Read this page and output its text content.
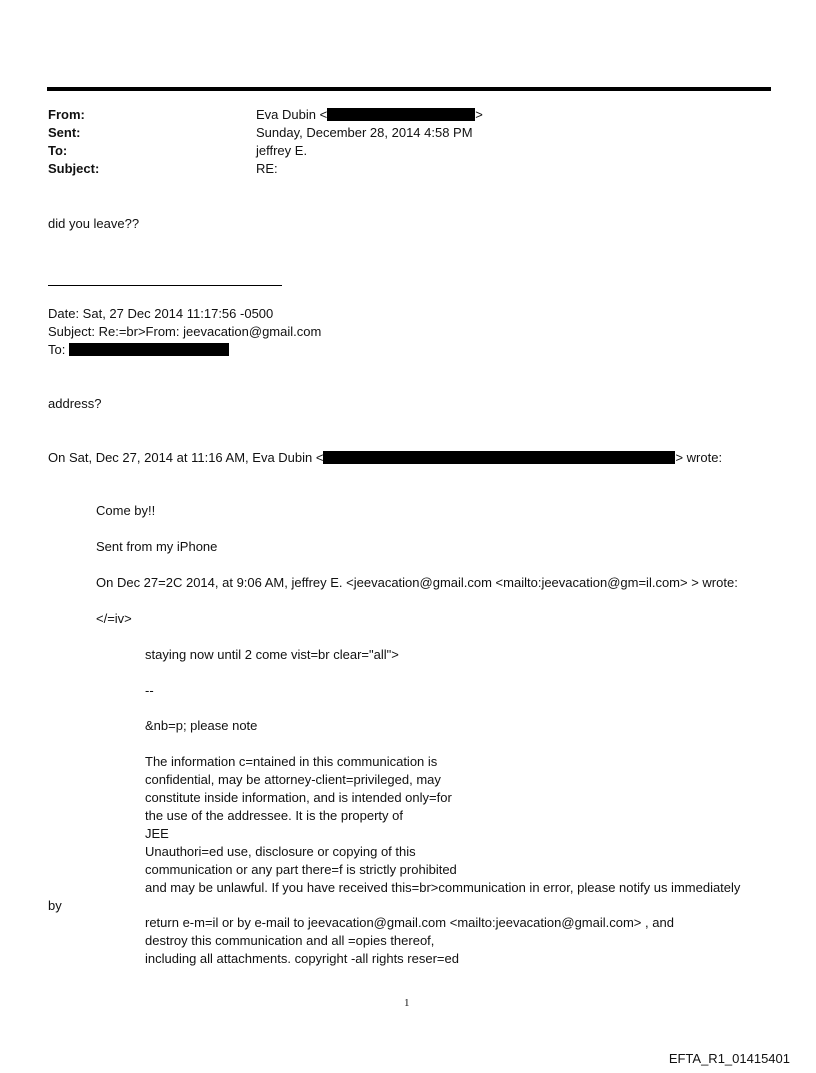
From:	Eva Dubin <	>
Sent:	Sunday, December 28, 2014 4:58 PM
To:	jeffrey E.
Subject:	RE:
did you leave??
Date: Sat, 27 Dec 2014 11:17:56 -0500
Subject: Re:=br>From: jeevacation@gmail.com
To:
address?
On Sat, Dec 27, 2014 at 11:16 AM, Eva Dubin <	> wrote:
Come by!!
Sent from my iPhone
On Dec 27=2C 2014, at 9:06 AM, jeffrey E. <jeevacation@gmail.com <mailto:jeevacation@gm=il.com> > wrote:
</=iv>
staying now until 2 come vist=br clear="all">
--
&nb=p; please note
The information c=ntained in this communication is
confidential, may be attorney-client=privileged, may
constitute inside information, and is intended only=for
the use of the addressee. It is the property of
JEE
Unauthori=ed use, disclosure or copying of this
communication or any part there=f is strictly prohibited
and may be unlawful. If you have received this=br>communication in error, please notify us immediately
by
return e-m=il or by e-mail to jeevacation@gmail.com <mailto:jeevacation@gmail.com> , and
destroy this communication and all =opies thereof,
including all attachments. copyright -all rights reser=ed
1
EFTA_R1_01415401
